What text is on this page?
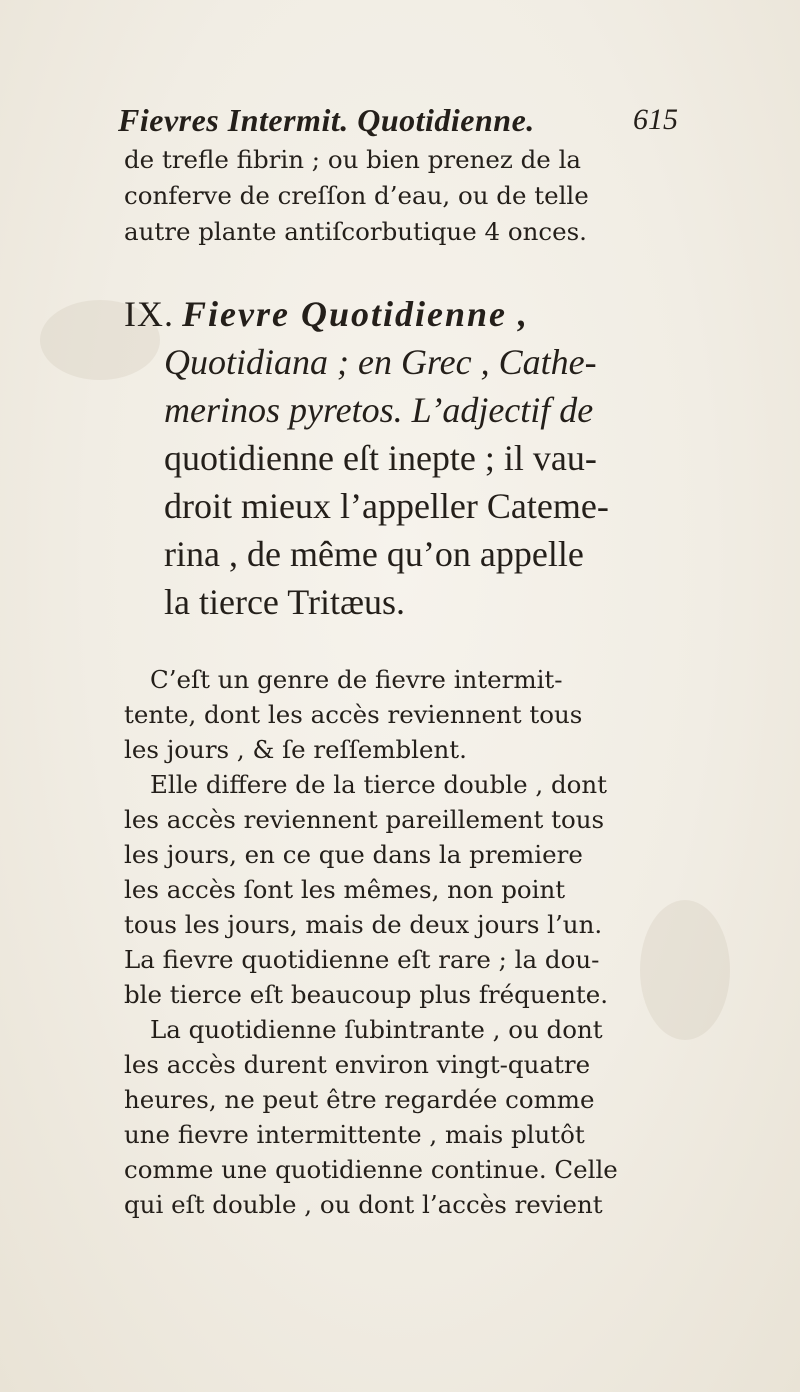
Fievres Intermit. Quotidienne.	615
de trefle fibrin ; ou bien prenez de la
conferve de creſſon d’eau, ou de telle
autre plante antiſcorbutique 4 onces.
IX. Fievre Quotidienne ,
Quotidiana ; en Grec , Cathe-
merinos pyretos. L’adjectif de
quotidienne eſt inepte ; il vau-
droit mieux l’appeller Cateme-
rina , de même qu’on appelle
la tierce Tritæus.
C’eſt un genre de fievre intermit-
tente, dont les accès reviennent tous
les jours , & ſe reſſemblent.
Elle differe de la tierce double , dont
les accès reviennent pareillement tous
les jours, en ce que dans la premiere
les accès ſont les mêmes, non point
tous les jours, mais de deux jours l’un.
La fievre quotidienne eſt rare ; la dou-
ble tierce eſt beaucoup plus fréquente.
La quotidienne ſubintrante , ou dont
les accès durent environ vingt-quatre
heures, ne peut être regardée comme
une fievre intermittente , mais plutôt
comme une quotidienne continue. Celle
qui eſt double , ou dont l’accès revient
